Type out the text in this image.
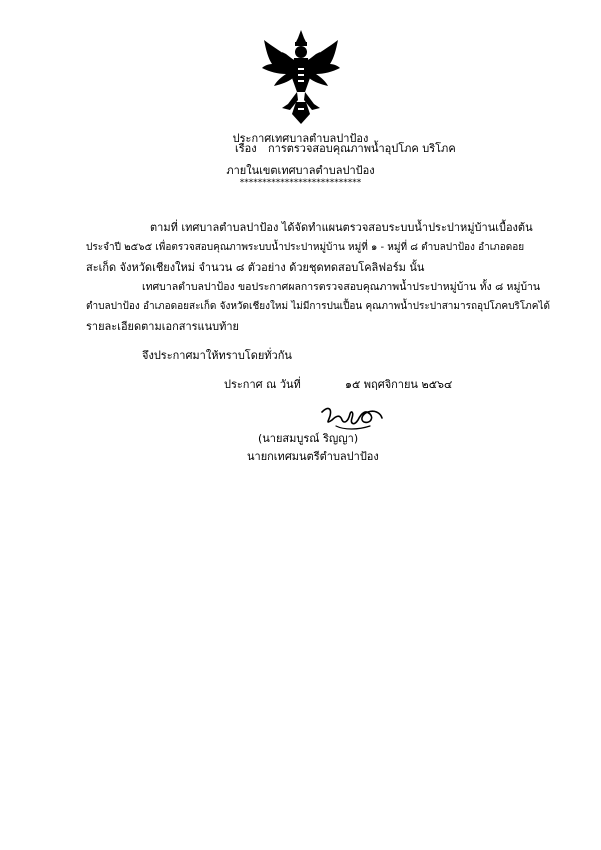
ประกาศเทศบาลตำบลปาป้อง
เรื่อง การตรวจสอบคุณภาพน้ำอุปโภค บริโภค
ภายในเขตเทศบาลตำบลปาป้อง
***************************
ตามที่ เทศบาลตำบลปาป้อง ได้จัดทำแผนตรวจสอบระบบน้ำประปาหมู่บ้านเบื้องต้น
ประจำปี ๒๕๖๕ เพื่อตรวจสอบคุณภาพระบบน้ำประปาหมู่บ้าน หมู่ที่ ๑ - หมู่ที่ ๘ ตำบลปาป้อง อำเภอดอย
สะเก็ด จังหวัดเชียงใหม่ จำนวน ๘ ตัวอย่าง ด้วยชุดทดสอบโคลิฟอร์ม นั้น
เทศบาลตำบลปาป้อง ขอประกาศผลการตรวจสอบคุณภาพน้ำประปาหมู่บ้าน ทั้ง ๘ หมู่บ้าน
ตำบลปาป้อง อำเภอดอยสะเก็ด จังหวัดเชียงใหม่ ไม่มีการปนเปื้อน คุณภาพน้ำประปาสามารถอุปโภคบริโภคได้
รายละเอียดตามเอกสารแนบท้าย
จึงประกาศมาให้ทราบโดยทั่วกัน
ประกาศ ณ วันที่	๑๕ พฤศจิกายน ๒๕๖๔
(นายสมบูรณ์ ริญญา)
นายกเทศมนตรีตำบลปาป้อง
